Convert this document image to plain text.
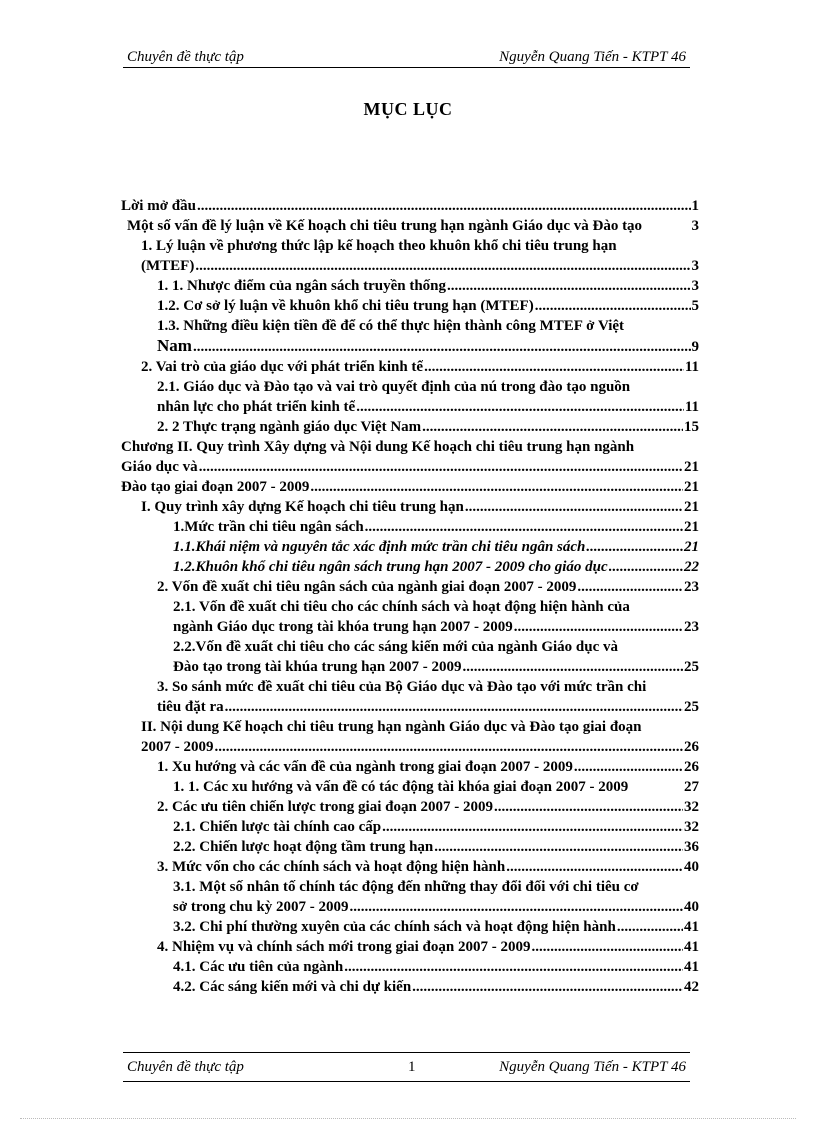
Chuyên đề thực tập	Nguyễn Quang Tiến - KTPT 46
MỤC LỤC
Lời mở đầu .....	1
Một số vấn đề lý luận về Kế hoạch chi tiêu trung hạn ngành Giáo dục và Đào tạo	3
1. Lý luận về phương thức lập kế hoạch theo khuôn khổ chi tiêu trung hạn
(MTEF) .....	3
1. 1. Nhược điểm của ngân sách truyền thống .....	3
1.2. Cơ sở lý luận về khuôn khổ chi tiêu trung hạn (MTEF) .....	5
1.3. Những điều kiện tiền đề để có thể thực hiện thành công MTEF ở Việt
Nam .....	9
2. Vai trò của giáo dục với phát triển kinh tế .....	11
2.1. Giáo dục và Đào tạo và vai trò quyết định của nú trong đào tạo nguồn
nhân lực cho phát triển kinh tế .....	11
2. 2 Thực trạng ngành giáo dục Việt Nam .....	15
Chương II. Quy trình Xây dựng và Nội dung Kế hoạch chi tiêu trung hạn ngành
Giáo dục và .....	21
Đào tạo giai đoạn 2007 - 2009 .....	21
I. Quy trình xây dựng Kế hoạch chi tiêu trung hạn .....	21
1.Mức trần chi tiêu ngân sách .....	21
1.1.Khái niệm và nguyên tắc xác định mức trần chi tiêu ngân sách .....	21
1.2.Khuôn khổ chi tiêu ngân sách trung hạn 2007 - 2009 cho giáo dục .....	22
2. Vốn đề xuất chi tiêu ngân sách của ngành giai đoạn 2007 - 2009 .....	23
2.1. Vốn đề xuất chi tiêu cho các chính sách và hoạt động hiện hành của
ngành Giáo dục trong tài khóa trung hạn 2007 - 2009 .....	23
2.2.Vốn đề xuất chi tiêu cho các sáng kiến mới của ngành Giáo dục và
Đào tạo trong tài khúa trung hạn 2007 - 2009 .....	25
3. So sánh mức đề xuất chi tiêu của Bộ Giáo dục và Đào tạo với mức trần chi
tiêu đặt ra .....	25
II. Nội dung Kế hoạch chi tiêu trung hạn ngành Giáo dục và Đào tạo giai đoạn
2007 - 2009 .....	26
1. Xu hướng và các vấn đề của ngành trong giai đoạn 2007 - 2009 .....	26
1. 1. Các xu hướng và vấn đề có tác động tài khóa giai đoạn 2007 - 2009	27
2. Các ưu tiên chiến lược trong giai đoạn 2007 - 2009 .....	32
2.1. Chiến lược tài chính cao cấp .....	32
2.2. Chiến lược hoạt động tầm trung hạn .....	36
3. Mức vốn cho các chính sách và hoạt động hiện hành .....	40
3.1. Một số nhân tố chính tác động đến những thay đổi đối với chi tiêu cơ
sở trong chu kỳ 2007 - 2009 .....	40
3.2. Chi phí thường xuyên của các chính sách và hoạt động hiện hành .....	41
4. Nhiệm vụ và chính sách mới trong giai đoạn 2007 - 2009 .....	41
4.1. Các ưu tiên của ngành .....	41
4.2. Các sáng kiến mới và chi dự kiến .....	42
Chuyên đề thực tập	1	Nguyễn Quang Tiến - KTPT 46
